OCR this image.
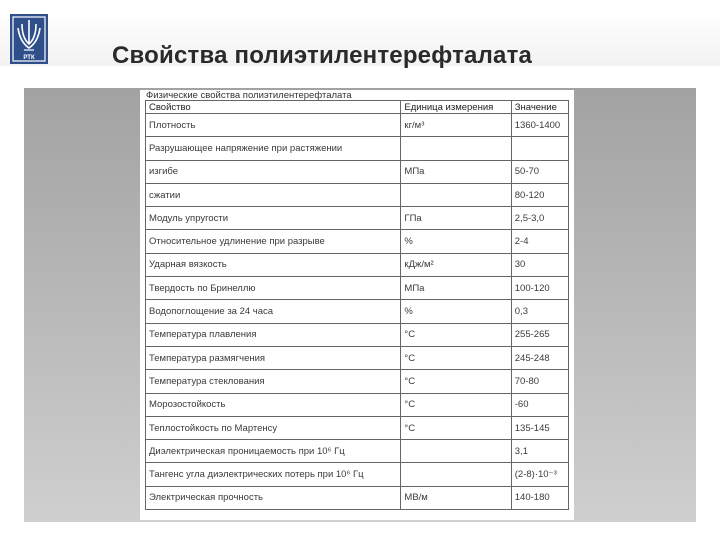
РТК	Свойства полиэтилентерефталата
Физические свойства полиэтилентерефталата
Свойство	Единица измерения	Значение
Плотность	кг/м³	1360-1400
Разрушающее напряжение при растяжении		
изгибе	МПа	50-70
сжатии		80-120
Модуль упругости	ГПа	2,5-3,0
Относительное удлинение при разрыве	%	2-4
Ударная вязкость	кДж/м²	30
Твердость по Бринеллю	МПа	100-120
Водопоглощение за 24 часа	%	0,3
Температура плавления	°С	255-265
Температура размягчения	°С	245-248
Температура стеклования	°С	70-80
Морозостойкость	°С	-60
Теплостойкость по Мартенсу	°С	135-145
Диэлектрическая проницаемость при 10⁶ Гц		3,1
Тангенс угла диэлектрических потерь при 10⁶ Гц		(2-8)·10⁻³
Электрическая прочность	МВ/м	140-180
